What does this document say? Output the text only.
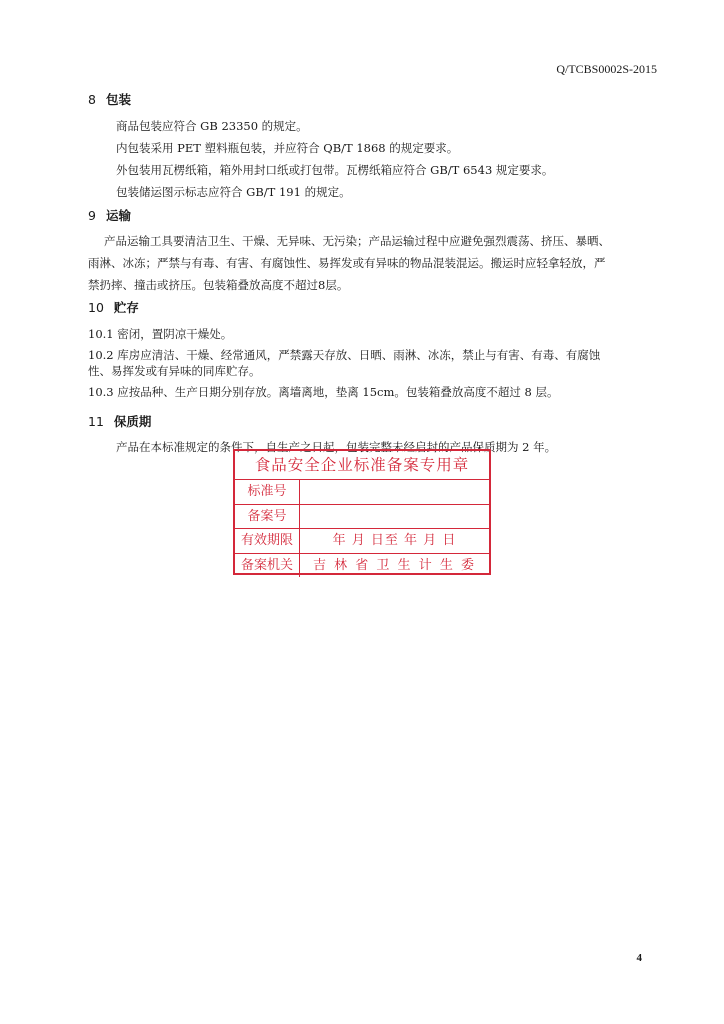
Q/TCBS0002S-2015
8 包装
商品包装应符合 GB 23350 的规定。
内包装采用 PET 塑料瓶包装，并应符合 QB/T 1868 的规定要求。
外包装用瓦楞纸箱，箱外用封口纸或打包带。瓦楞纸箱应符合 GB/T 6543 规定要求。
包装储运图示标志应符合 GB/T 191 的规定。
9 运输
产品运输工具要清洁卫生、干燥、无异味、无污染；产品运输过程中应避免强烈震荡、挤压、暴晒、
雨淋、冰冻；严禁与有毒、有害、有腐蚀性、易挥发或有异味的物品混装混运。搬运时应轻拿轻放，严
禁扔摔、撞击或挤压。包装箱叠放高度不超过8层。
10 贮存
10.1 密闭，置阴凉干燥处。
10.2 库房应清洁、干燥、经常通风，严禁露天存放、日晒、雨淋、冰冻，禁止与有害、有毒、有腐蚀
性、易挥发或有异味的同库贮存。
10.3 应按品种、生产日期分别存放。离墙离地，垫离 15cm。包装箱叠放高度不超过 8 层。
11 保质期
产品在本标准规定的条件下，自生产之日起，包装完整未经启封的产品保质期为 2 年。
食品安全企业标准备案专用章
标准号
备案号
有效期限	年 月 日至 年 月 日
备案机关	吉 林 省 卫 生 计 生 委
4
